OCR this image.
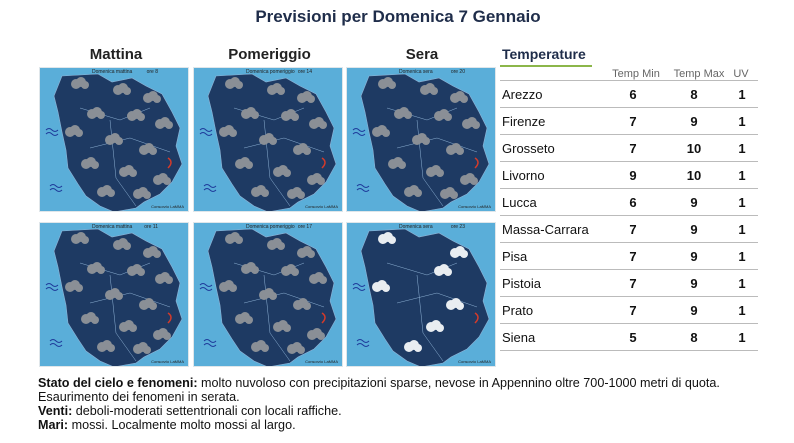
Previsioni per Domenica 7 Gennaio
Mattina	Pomeriggio	Sera
Domenica mattina	ore 8
Consorzio LaMMA
Domenica pomeriggio ore 14
Consorzio LaMMA
Domenica sera	ore 20
Consorzio LaMMA
Domenica mattina ore 11
Consorzio LaMMA
Domenica pomeriggio ore 17
Consorzio LaMMA
Domenica sera	ore 23
Consorzio LaMMA
Temperature
Temp Min	Temp Max UV
Arezzo	6	8	1
Firenze	7	9	1
Grosseto	7	10	1
Livorno	9	10	1
Lucca	6	9	1
Massa-Carrara	7	9	1
Pisa	7	9	1
Pistoia	7	9	1
Prato	7	9	1
Siena	5	8	1
Stato del cielo e fenomeni: molto nuvoloso con precipitazioni sparse, nevose in Appennino oltre 700-1000 metri di quota. Esaurimento dei fenomeni in serata.
Venti: deboli-moderati settentrionali con locali raffiche.
Mari: mossi. Localmente molto mossi al largo.
